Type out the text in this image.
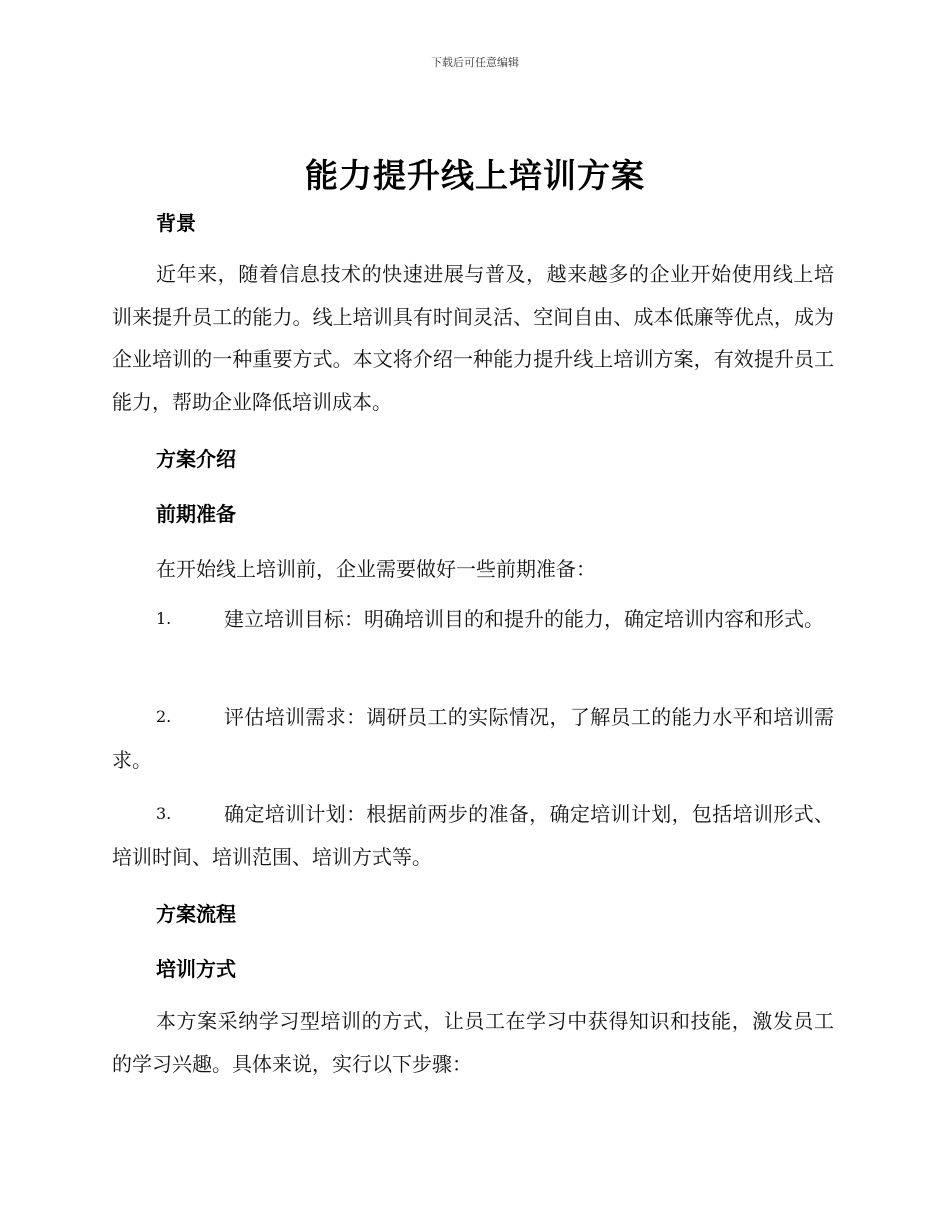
下载后可任意编辑
能力提升线上培训方案
背景
近年来，随着信息技术的快速进展与普及，越来越多的企业开始使用线上培训来提升员工的能力。线上培训具有时间灵活、空间自由、成本低廉等优点，成为企业培训的一种重要方式。本文将介绍一种能力提升线上培训方案，有效提升员工能力，帮助企业降低培训成本。
方案介绍
前期准备
在开始线上培训前，企业需要做好一些前期准备：
1.	建立培训目标：明确培训目的和提升的能力，确定培训内容和形式。
2.	评估培训需求：调研员工的实际情况，了解员工的能力水平和培训需求。
3.	确定培训计划：根据前两步的准备，确定培训计划，包括培训形式、培训时间、培训范围、培训方式等。
方案流程
培训方式
本方案采纳学习型培训的方式，让员工在学习中获得知识和技能，激发员工的学习兴趣。具体来说，实行以下步骤：
